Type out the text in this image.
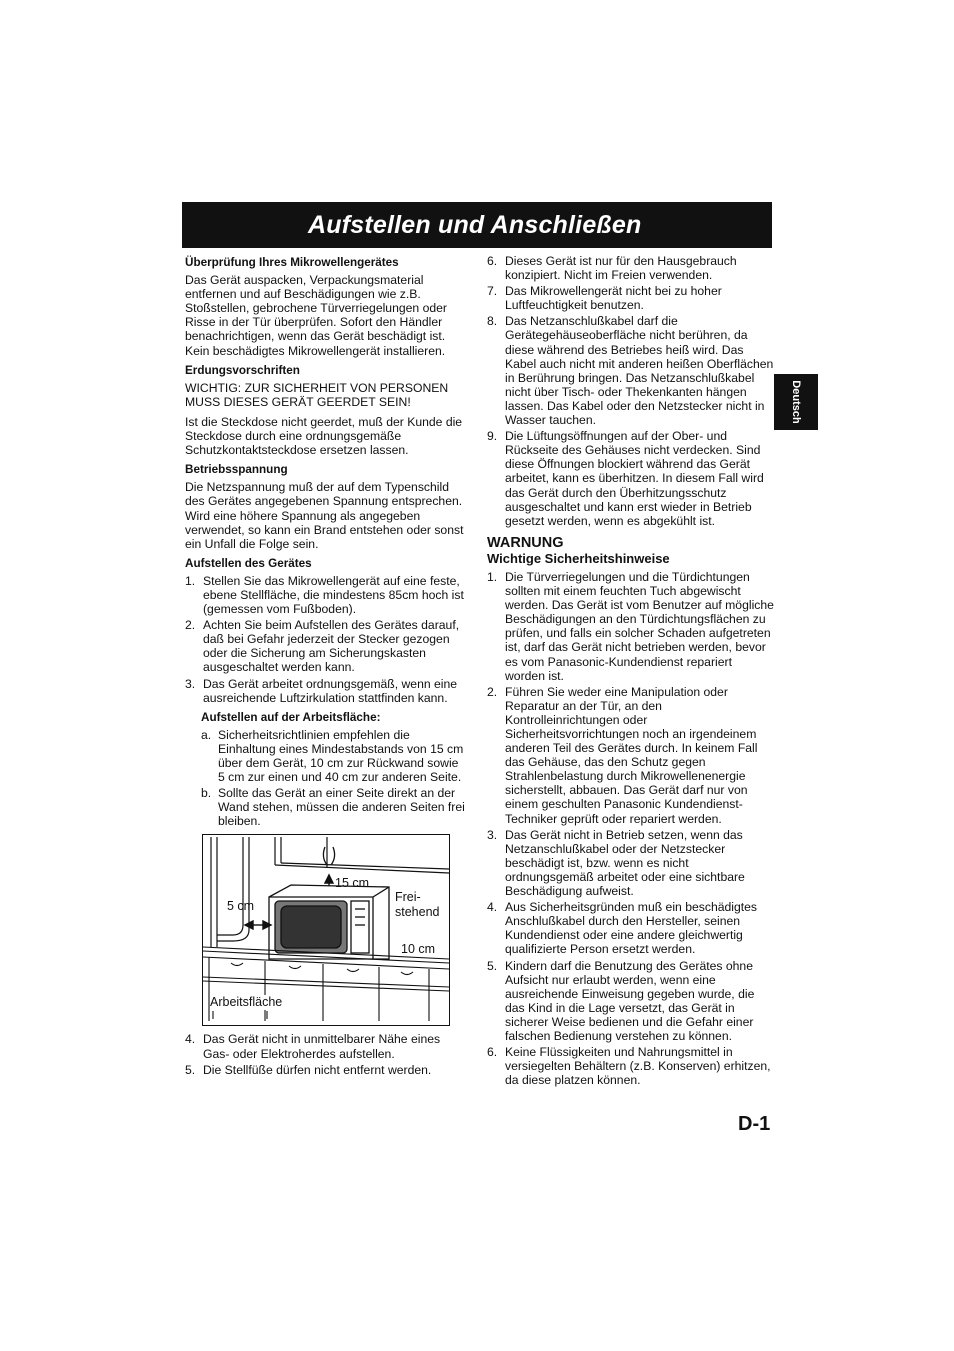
Aufstellen und Anschließen
Deutsch
Überprüfung Ihres Mikrowellengerätes
Das Gerät auspacken, Verpackungsmaterial entfernen und auf Beschädigungen wie z.B. Stoßstellen, gebrochene Türverriegelungen oder Risse in der Tür überprüfen. Sofort den Händler benachrichtigen, wenn das Gerät beschädigt ist. Kein beschädigtes Mikrowellengerät installieren.
Erdungsvorschriften
WICHTIG: ZUR SICHERHEIT VON PERSONEN MUSS DIESES GERÄT GEERDET SEIN!
Ist die Steckdose nicht geerdet, muß der Kunde die Steckdose durch eine ordnungsgemäße Schutzkontaktsteckdose ersetzen lassen.
Betriebsspannung
Die Netzspannung muß der auf dem Typenschild des Gerätes angegebenen Spannung entsprechen. Wird eine höhere Spannung als angegeben verwendet, so kann ein Brand entstehen oder sonst ein Unfall die Folge sein.
Aufstellen des Gerätes
1. Stellen Sie das Mikrowellengerät auf eine feste, ebene Stellfläche, die mindestens 85cm hoch ist (gemessen vom Fußboden).
2. Achten Sie beim Aufstellen des Gerätes darauf, daß bei Gefahr jederzeit der Stecker gezogen oder die Sicherung am Sicherungskasten ausgeschaltet werden kann.
3. Das Gerät arbeitet ordnungsgemäß, wenn eine ausreichende Luftzirkulation stattfinden kann.
Aufstellen auf der Arbeitsfläche:
a. Sicherheitsrichtlinien empfehlen die Einhaltung eines Mindestabstands von 15 cm über dem Gerät, 10 cm zur Rückwand sowie 5 cm zur einen und 40 cm zur anderen Seite.
b. Sollte das Gerät an einer Seite direkt an der Wand stehen, müssen die anderen Seiten frei bleiben.
15 cm
5 cm
Frei-
stehend
10 cm
Arbeitsfläche
4. Das Gerät nicht in unmittelbarer Nähe eines Gas- oder Elektroherdes aufstellen.
5. Die Stellfüße dürfen nicht entfernt werden.
6. Dieses Gerät ist nur für den Hausgebrauch konzipiert. Nicht im Freien verwenden.
7. Das Mikrowellengerät nicht bei zu hoher Luftfeuchtigkeit benutzen.
8. Das Netzanschlußkabel darf die Gerätegehäuseoberfläche nicht berühren, da diese während des Betriebes heiß wird. Das Kabel auch nicht mit anderen heißen Oberflächen in Berührung bringen. Das Netzanschlußkabel nicht über Tisch- oder Thekenkanten hängen lassen. Das Kabel oder den Netzstecker nicht in Wasser tauchen.
9. Die Lüftungsöffnungen auf der Ober- und Rückseite des Gehäuses nicht verdecken. Sind diese Öffnungen blockiert während das Gerät arbeitet, kann es überhitzen. In diesem Fall wird das Gerät durch den Überhitzungsschutz ausgeschaltet und kann erst wieder in Betrieb gesetzt werden, wenn es abgekühlt ist.
WARNUNG
Wichtige Sicherheitshinweise
1. Die Türverriegelungen und die Türdichtungen sollten mit einem feuchten Tuch abgewischt werden. Das Gerät ist vom Benutzer auf mögliche Beschädigungen an den Türdichtungsflächen zu prüfen, und falls ein solcher Schaden aufgetreten ist, darf das Gerät nicht betrieben werden, bevor es vom Panasonic-Kundendienst repariert worden ist.
2. Führen Sie weder eine Manipulation oder Reparatur an der Tür, an den Kontrolleinrichtungen oder Sicherheitsvorrichtungen noch an irgendeinem anderen Teil des Gerätes durch. In keinem Fall das Gehäuse, das den Schutz gegen Strahlenbelastung durch Mikrowellenenergie sicherstellt, abbauen. Das Gerät darf nur von einem geschulten Panasonic Kundendienst-Techniker geprüft oder repariert werden.
3. Das Gerät nicht in Betrieb setzen, wenn das Netzanschlußkabel oder der Netzstecker beschädigt ist, bzw. wenn es nicht ordnungsgemäß arbeitet oder eine sichtbare Beschädigung aufweist.
4. Aus Sicherheitsgründen muß ein beschädigtes Anschlußkabel durch den Hersteller, seinen Kundendienst oder eine andere gleichwertig qualifizierte Person ersetzt werden.
5. Kindern darf die Benutzung des Gerätes ohne Aufsicht nur erlaubt werden, wenn eine ausreichende Einweisung gegeben wurde, die das Kind in die Lage versetzt, das Gerät in sicherer Weise bedienen und die Gefahr einer falschen Bedienung verstehen zu können.
6. Keine Flüssigkeiten und Nahrungsmittel in versiegelten Behältern (z.B. Konserven) erhitzen, da diese platzen können.
D-1
